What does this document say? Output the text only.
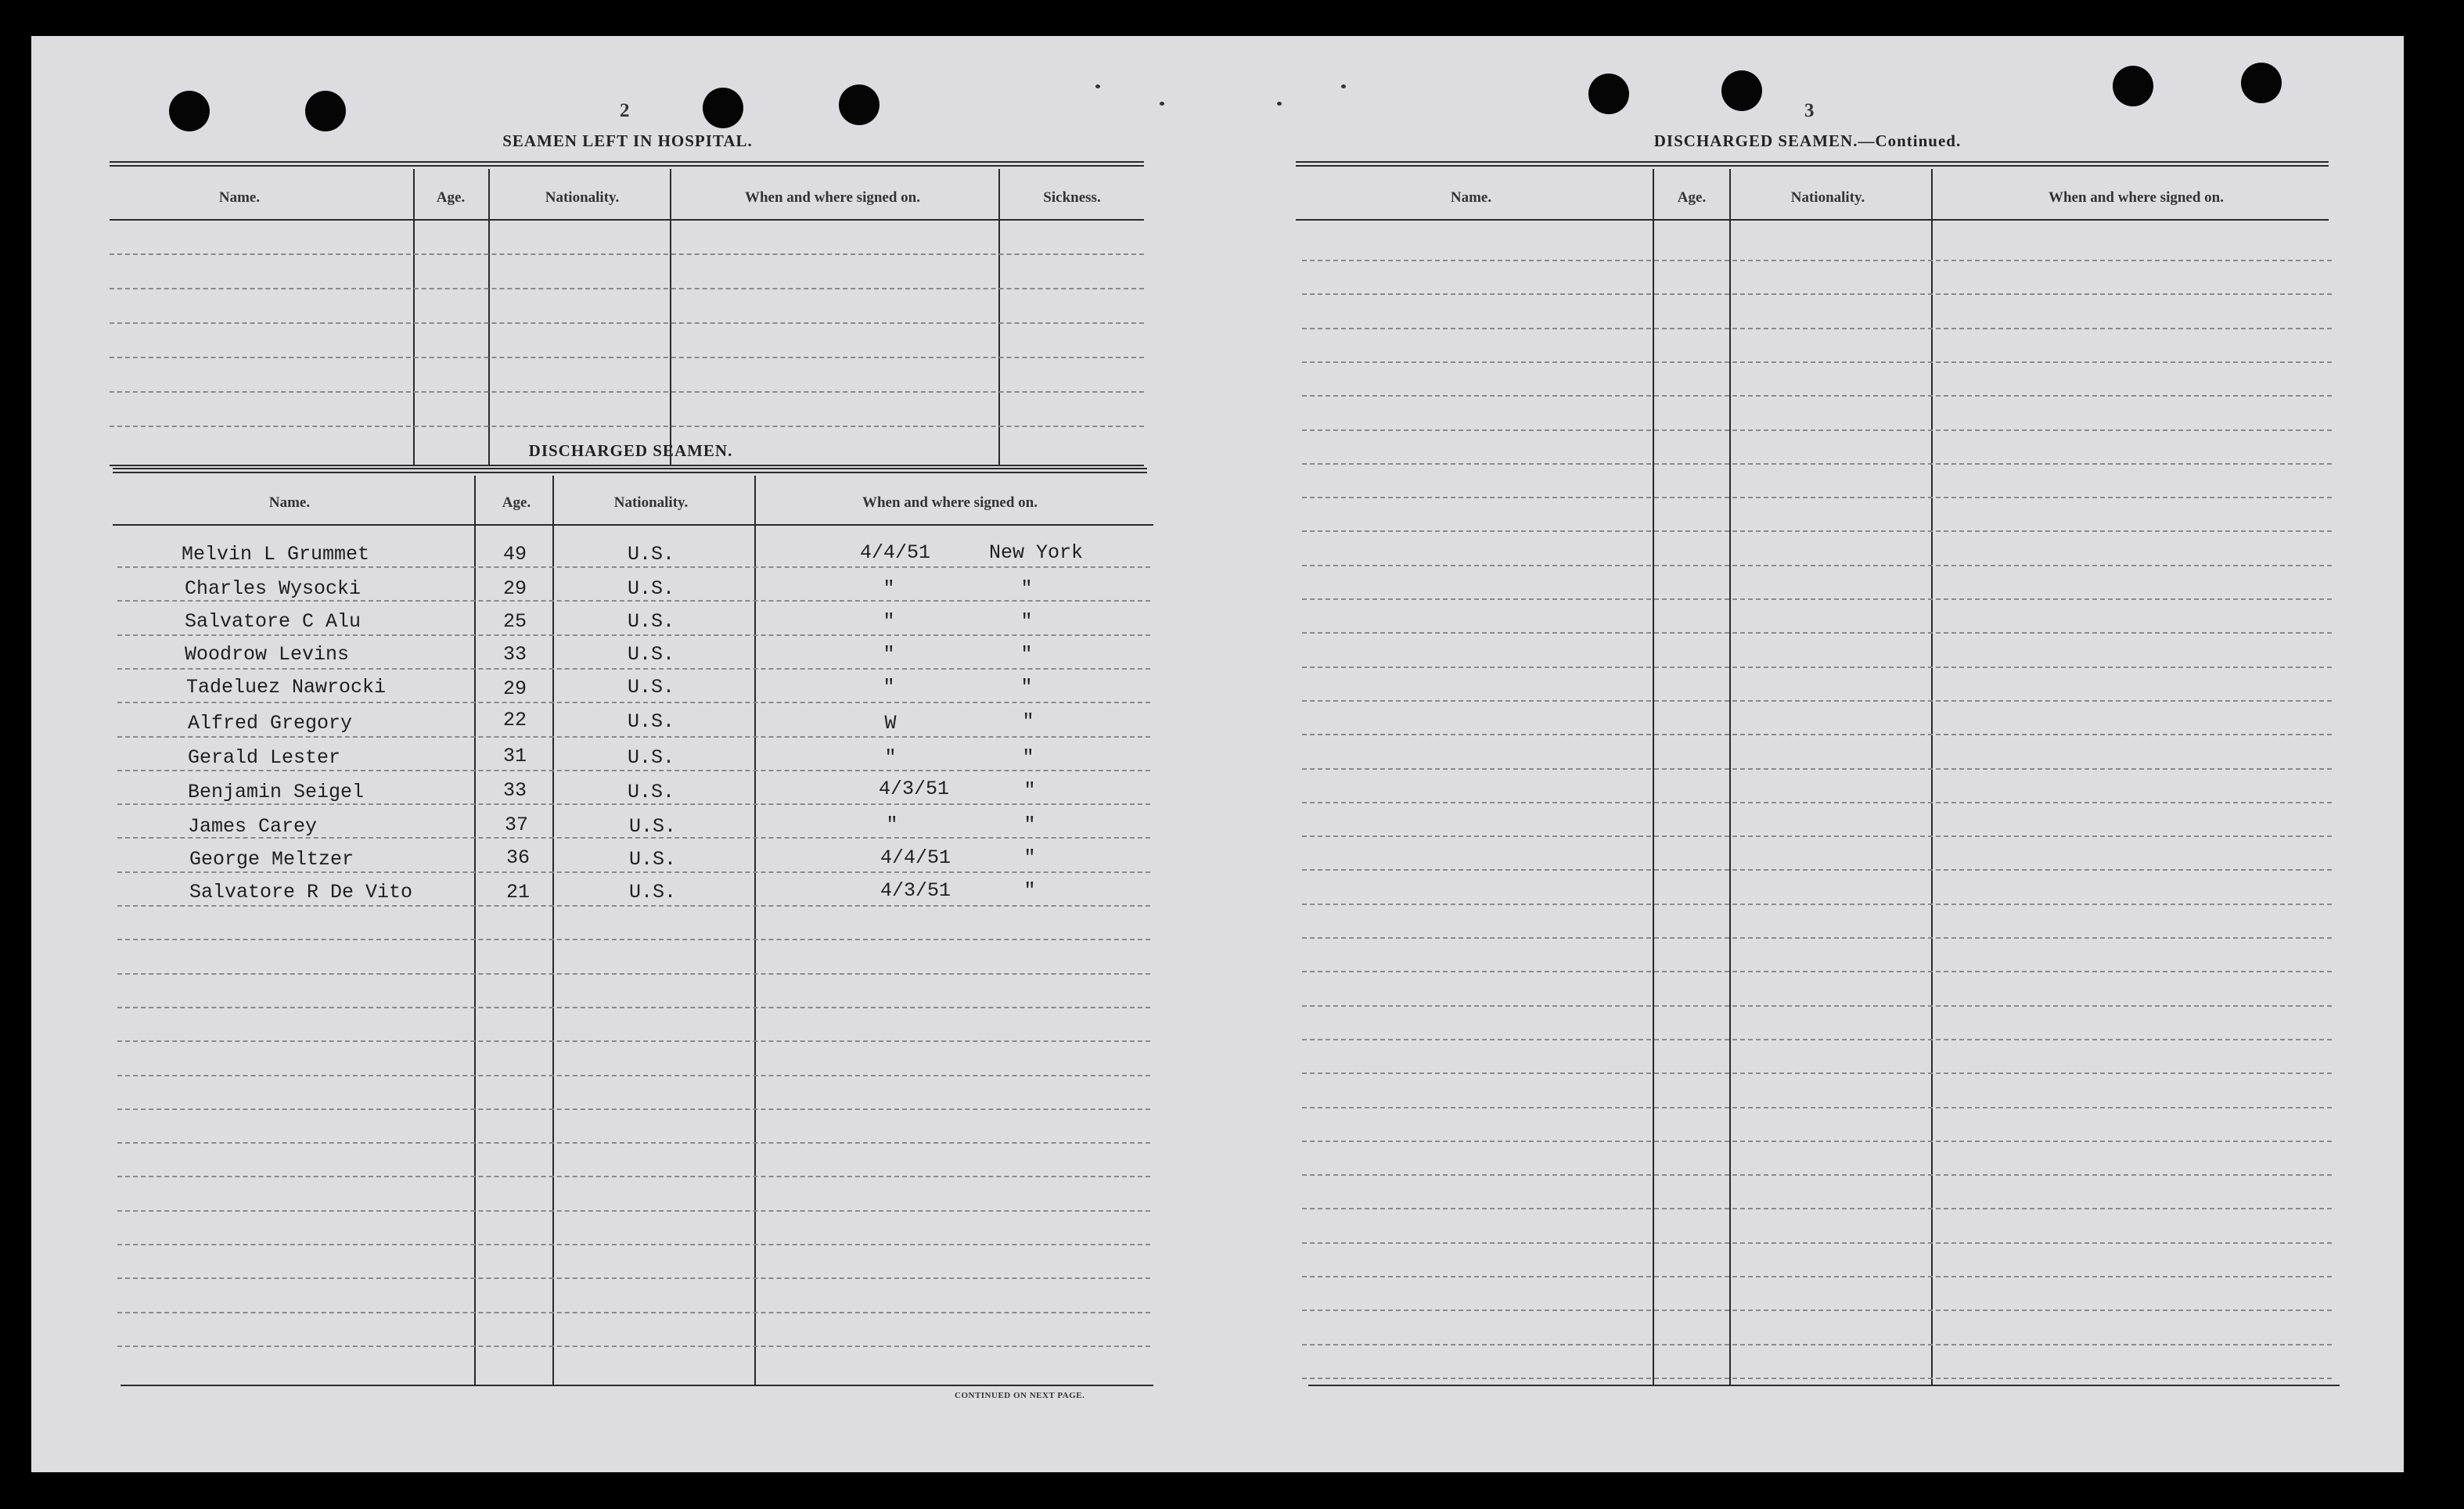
2
SEAMEN LEFT IN HOSPITAL.
Name.	Age.	Nationality.	When and where signed on.	Sickness.
DISCHARGED SEAMEN.
Name.	Age.	Nationality.	When and where signed on.
Melvin L Grummet	49	U.S.	4/4/51	New York
Charles Wysocki	29	U.S.	"	"
Salvatore C Alu	25	U.S.	"	"
Woodrow Levins	33	U.S.	"	"
Tadeluez Nawrocki	29	U.S.	"	"
Alfred Gregory	22	U.S.	W	"
Gerald Lester	31	U.S.	"	"
Benjamin Seigel	33	U.S.	4/3/51	"
James Carey	37	U.S.	"	"
George Meltzer	36	U.S.	4/4/51	"
Salvatore R De Vito	21	U.S.	4/3/51	"
CONTINUED ON NEXT PAGE.
3
DISCHARGED SEAMEN.—Continued.
Name.	Age.	Nationality.	When and where signed on.
